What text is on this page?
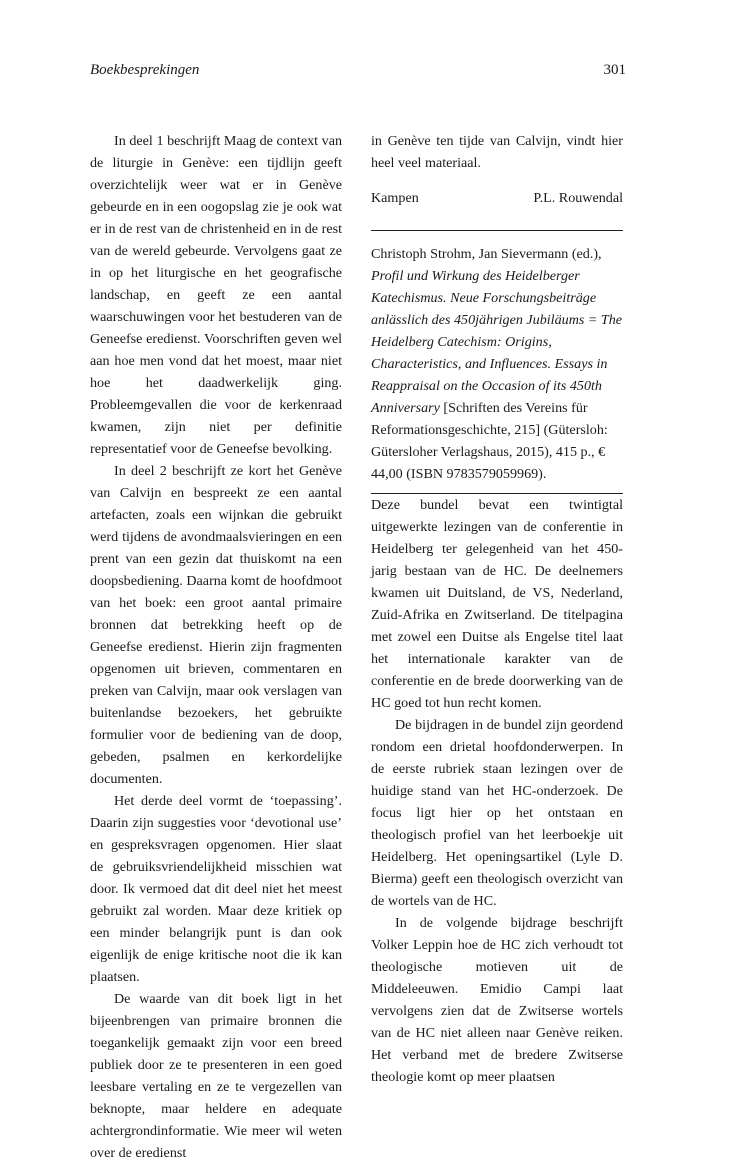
Boekbesprekingen	301

In deel 1 beschrijft Maag de context van de liturgie in Genève: een tijdlijn geeft overzichtelijk weer wat er in Genève gebeurde en in een oogopslag zie je ook wat er in de rest van de christenheid en in de rest van de wereld gebeurde. Vervolgens gaat ze in op het liturgische en het geografische landschap, en geeft ze een aantal waarschuwingen voor het bestuderen van de Geneefse eredienst. Voorschriften geven wel aan hoe men vond dat het moest, maar niet hoe het daadwerkelijk ging. Probleemgevallen die voor de kerkenraad kwamen, zijn niet per definitie representatief voor de Geneefse bevolking.

In deel 2 beschrijft ze kort het Genève van Calvijn en bespreekt ze een aantal artefacten, zoals een wijnkan die gebruikt werd tijdens de avondmaalsvieringen en een prent van een gezin dat thuiskomt na een doopsbediening. Daarna komt de hoofdmoot van het boek: een groot aantal primaire bronnen dat betrekking heeft op de Geneefse eredienst. Hierin zijn fragmenten opgenomen uit brieven, commentaren en preken van Calvijn, maar ook verslagen van buitenlandse bezoekers, het gebruikte formulier voor de bediening van de doop, gebeden, psalmen en kerkordelijke documenten.

Het derde deel vormt de ‘toepassing’. Daarin zijn suggesties voor ‘devotional use’ en gespreksvragen opgenomen. Hier slaat de gebruiksvriendelijkheid misschien wat door. Ik vermoed dat dit deel niet het meest gebruikt zal worden. Maar deze kritiek op een minder belangrijk punt is dan ook eigenlijk de enige kritische noot die ik kan plaatsen.

De waarde van dit boek ligt in het bijeenbrengen van primaire bronnen die toegankelijk gemaakt zijn voor een breed publiek door ze te presenteren in een goed leesbare vertaling en ze te vergezellen van beknopte, maar heldere en adequate achtergrondinformatie. Wie meer wil weten over de eredienst

in Genève ten tijde van Calvijn, vindt hier heel veel materiaal.

Kampen	P.L. Rouwendal
Christoph Strohm, Jan Sievermann (ed.), Profil und Wirkung des Heidelberger Katechismus. Neue Forschungsbeiträge anlässlich des 450jährigen Jubiläums = The Heidelberg Catechism: Origins, Characteristics, and Influences. Essays in Reappraisal on the Occasion of its 450th Anniversary [Schriften des Vereins für Reformationsgeschichte, 215] (Gütersloh: Gütersloher Verlagshaus, 2015), 415 p., € 44,00 (ISBN 9783579059969).

Deze bundel bevat een twintigtal uitgewerkte lezingen van de conferentie in Heidelberg ter gelegenheid van het 450-jarig bestaan van de HC. De deelnemers kwamen uit Duitsland, de VS, Nederland, Zuid-Afrika en Zwitserland. De titelpagina met zowel een Duitse als Engelse titel laat het internationale karakter van de conferentie en de brede doorwerking van de HC goed tot hun recht komen.

De bijdragen in de bundel zijn geordend rondom een drietal hoofdonderwerpen. In de eerste rubriek staan lezingen over de huidige stand van het HC-onderzoek. De focus ligt hier op het ontstaan en theologisch profiel van het leerboekje uit Heidelberg. Het openingsartikel (Lyle D. Bierma) geeft een theologisch overzicht van de wortels van de HC.

In de volgende bijdrage beschrijft Volker Leppin hoe de HC zich verhoudt tot theologische motieven uit de Middeleeuwen. Emidio Campi laat vervolgens zien dat de Zwitserse wortels van de HC niet alleen naar Genève reiken. Het verband met de bredere Zwitserse theologie komt op meer plaatsen
